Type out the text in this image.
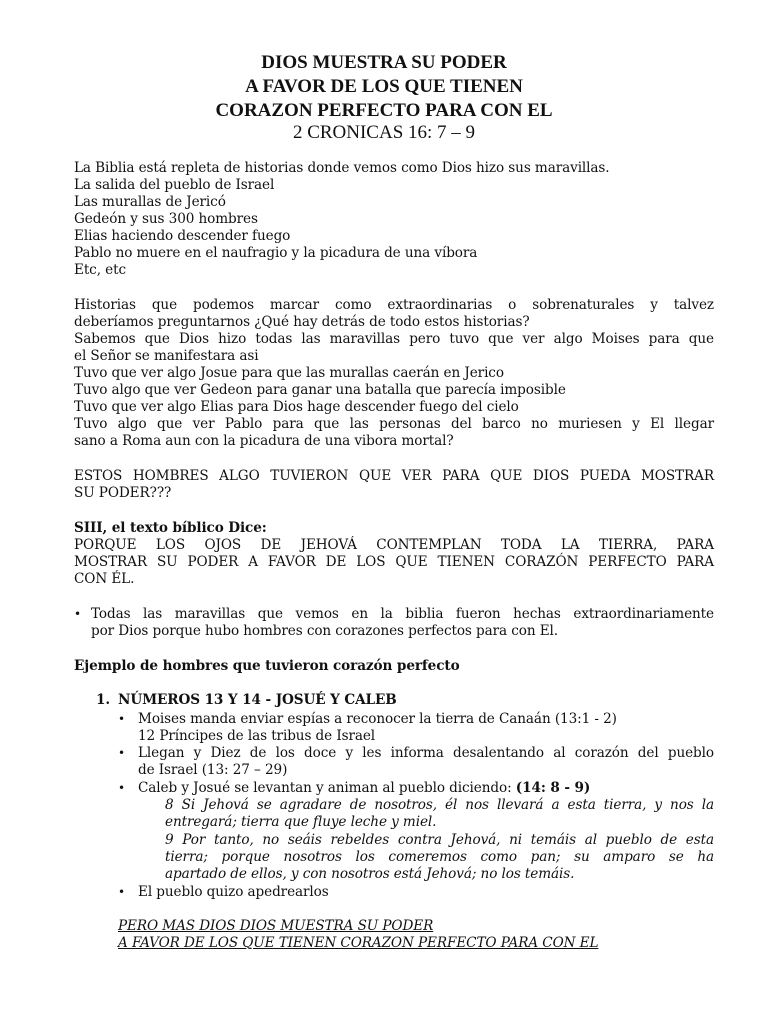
DIOS MUESTRA SU PODER
A FAVOR DE LOS QUE TIENEN
CORAZON PERFECTO PARA CON EL
2 CRONICAS 16: 7 – 9
La Biblia está repleta de historias donde vemos como Dios hizo sus maravillas.
La salida del pueblo de Israel
Las murallas de Jericó
Gedeón y sus 300 hombres
Elias haciendo descender fuego
Pablo no muere en el naufragio y la picadura de una víbora
Etc, etc
Historias que podemos marcar como extraordinarias o sobrenaturales y talvez
deberíamos preguntarnos ¿Qué hay detrás de todo estos historias?
Sabemos que Dios hizo todas las maravillas pero tuvo que ver algo Moises para que
el Señor se manifestara asi
Tuvo que ver algo Josue para que las murallas caerán en Jerico
Tuvo algo que ver Gedeon para ganar una batalla que parecía imposible
Tuvo que ver algo Elias para Dios hage descender fuego del cielo
Tuvo algo que ver Pablo para que las personas del barco no muriesen y El llegar
sano a Roma aun con la picadura de una vibora mortal?
ESTOS HOMBRES ALGO TUVIERON QUE VER PARA QUE DIOS PUEDA MOSTRAR
SU PODER???
SIII, el texto bíblico Dice:
PORQUE LOS OJOS DE JEHOVÁ CONTEMPLAN TODA LA TIERRA, PARA
MOSTRAR SU PODER A FAVOR DE LOS QUE TIENEN CORAZÓN PERFECTO PARA
CON ÉL.
• Todas las maravillas que vemos en la biblia fueron hechas extraordinariamente
por Dios porque hubo hombres con corazones perfectos para con El.
Ejemplo de hombres que tuvieron corazón perfecto
1. NÚMEROS 13 Y 14 - JOSUÉ Y CALEB
• Moises manda enviar espías a reconocer la tierra de Canaán (13:1 - 2)
12 Príncipes de las tribus de Israel
• Llegan y Diez de los doce y les informa desalentando al corazón del pueblo
de Israel (13: 27 – 29)
• Caleb y Josué se levantan y animan al pueblo diciendo: (14: 8 - 9)
8 Si Jehová se agradare de nosotros, él nos llevará a esta tierra, y nos la
entregará; tierra que fluye leche y miel.
9 Por tanto, no seáis rebeldes contra Jehová, ni temáis al pueblo de esta
tierra; porque nosotros los comeremos como pan; su amparo se ha
apartado de ellos, y con nosotros está Jehová; no los temáis.
• El pueblo quizo apedrearlos
PERO MAS DIOS DIOS MUESTRA SU PODER
A FAVOR DE LOS QUE TIENEN CORAZON PERFECTO PARA CON EL
